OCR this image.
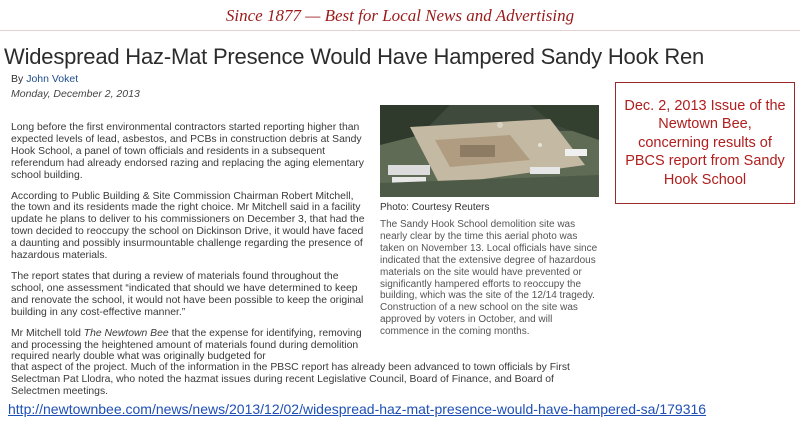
Since 1877 — Best for Local News and Advertising
Widespread Haz-Mat Presence Would Have Hampered Sandy Hook Ren
By John Voket
Monday, December 2, 2013

Long before the first environmental contractors started reporting higher than expected levels of lead, asbestos, and PCBs in construction debris at Sandy Hook School, a panel of town officials and residents in a subsequent referendum had already endorsed razing and replacing the aging elementary school building.

According to Public Building & Site Commission Chairman Robert Mitchell, the town and its residents made the right choice. Mr Mitchell said in a facility update he plans to deliver to his commissioners on December 3, that had the town decided to reoccupy the school on Dickinson Drive, it would have faced a daunting and possibly insurmountable challenge regarding the presence of hazardous materials.

The report states that during a review of materials found throughout the school, one assessment “indicated that should we have determined to keep and renovate the school, it would not have been possible to keep the original building in any cost-effective manner.”

Mr Mitchell told The Newtown Bee that the expense for identifying, removing and processing the heightened amount of materials found during demolition required nearly double what was originally budgeted for

that aspect of the project. Much of the information in the PBSC report has already been advanced to town officials by First Selectman Pat Llodra, who noted the hazmat issues during recent Legislative Council, Board of Finance, and Board of Selectmen meetings.
Photo: Courtesy Reuters
The Sandy Hook School demolition site was nearly clear by the time this aerial photo was taken on November 13. Local officials have since indicated that the extensive degree of hazardous materials on the site would have prevented or significantly hampered efforts to reoccupy the building, which was the site of the 12/14 tragedy. Construction of a new school on the site was approved by voters in October, and will commence in the coming months.
Dec. 2, 2013 Issue of the Newtown Bee, concerning results of PBCS report from Sandy Hook School
http://newtownbee.com/news/news/2013/12/02/widespread-haz-mat-presence-would-have-hampered-sa/179316
